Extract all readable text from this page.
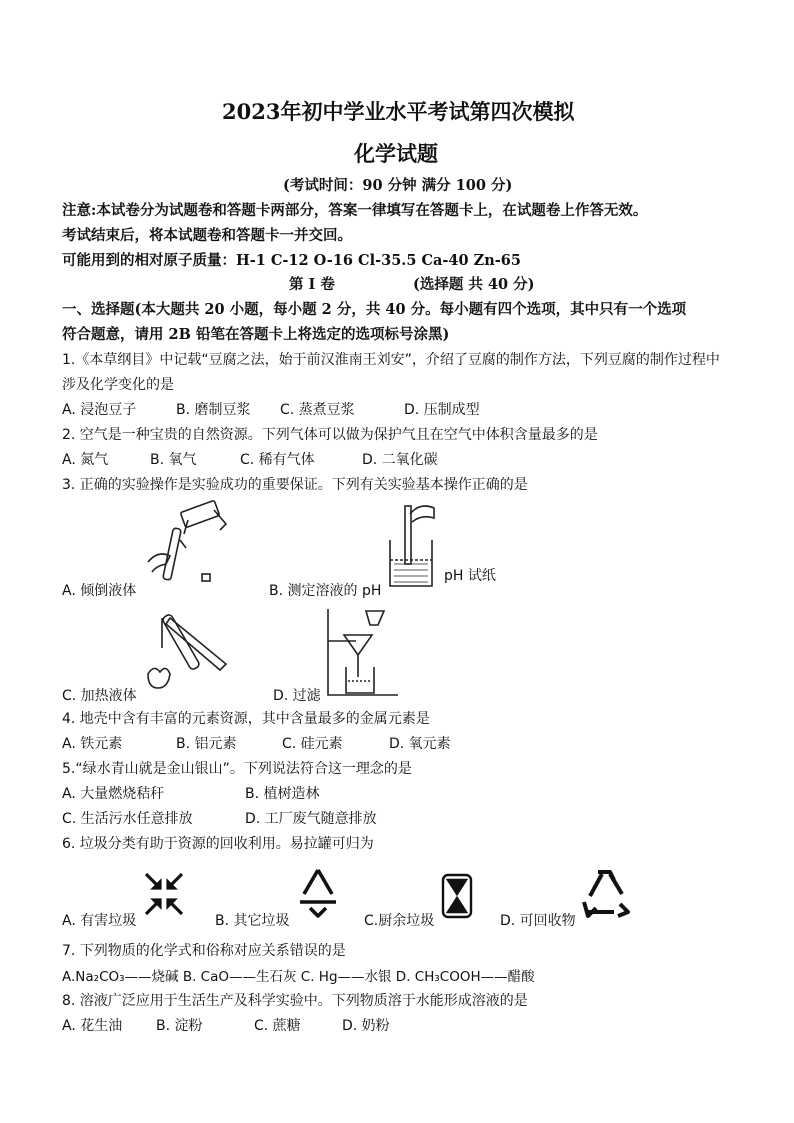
2023年初中学业水平考试第四次模拟
化学试题
(考试时间：90 分钟 满分 100 分)
注意:本试卷分为试题卷和答题卡两部分，答案一律填写在答题卡上，在试题卷上作答无效。
考试结束后，将本试题卷和答题卡一并交回。
可能用到的相对原子质量：H-1 C-12 O-16 Cl-35.5 Ca-40 Zn-65
第 Ⅰ 卷	(选择题 共 40 分)
一、选择题(本大题共 20 小题，每小题 2 分，共 40 分。每小题有四个选项，其中只有一个选项
符合题意，请用 2B 铅笔在答题卡上将选定的选项标号涂黑)
1.《本草纲目》中记载“豆腐之法，始于前汉淮南王刘安”，介绍了豆腐的制作方法，下列豆腐的制作过程中
涉及化学变化的是
A. 浸泡豆子	B. 磨制豆浆 C. 蒸煮豆浆	D. 压制成型
2. 空气是一种宝贵的自然资源。下列气体可以做为保护气且在空气中体积含量最多的是
A. 氮气	B. 氧气	C. 稀有气体	D. 二氧化碳
3. 正确的实验操作是实验成功的重要保证。下列有关实验基本操作正确的是
A. 倾倒液体
pH 试纸
B. 测定溶液的 pH
C. 加热液体	D. 过滤
4. 地壳中含有丰富的元素资源，其中含量最多的金属元素是
A. 铁元素	B. 铝元素	C. 硅元素	D. 氧元素
5.“绿水青山就是金山银山”。下列说法符合这一理念的是
A. 大量燃烧秸秆	B. 植树造林
C. 生活污水任意排放	D. 工厂废气随意排放
6. 垃圾分类有助于资源的回收利用。易拉罐可归为
A. 有害垃圾	B. 其它垃圾	C.厨余垃圾	D. 可回收物
7. 下列物质的化学式和俗称对应关系错误的是
A.Na₂CO₃——烧碱 B. CaO——生石灰 C. Hg——水银 D. CH₃COOH——醋酸
8. 溶液广泛应用于生活生产及科学实验中。下列物质溶于水能形成溶液的是
A. 花生油 B. 淀粉	C. 蔗糖	D. 奶粉
